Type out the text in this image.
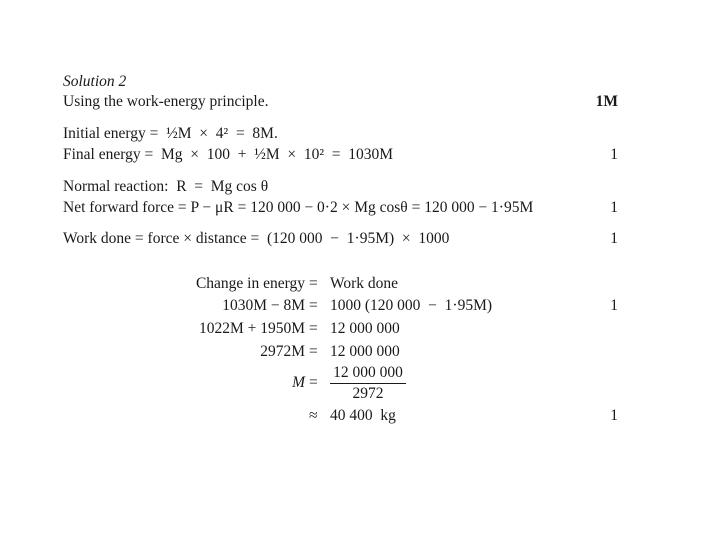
Solution 2
Using the work-energy principle.	1M
Initial energy =  ½M  ×  4²  =  8M.
Final energy =  Mg  ×  100  +  ½M  ×  10²  =  1030M	1
Normal reaction:  R  =  Mg cos θ
Net forward force = P − μR = 120 000 − 0·2 × Mg cosθ = 120 000 − 1·95M	1
Work done = force × distance =  (120 000  −  1·95M)  ×  1000	1
Change in energy = Work done
1030M − 8M = 1000 (120 000  −  1·95M)	1
1022M + 1950M = 12 000 000
2972M = 12 000 000
$M = \frac{12 000 000}{2972}$
≈ 40 400  kg	1
